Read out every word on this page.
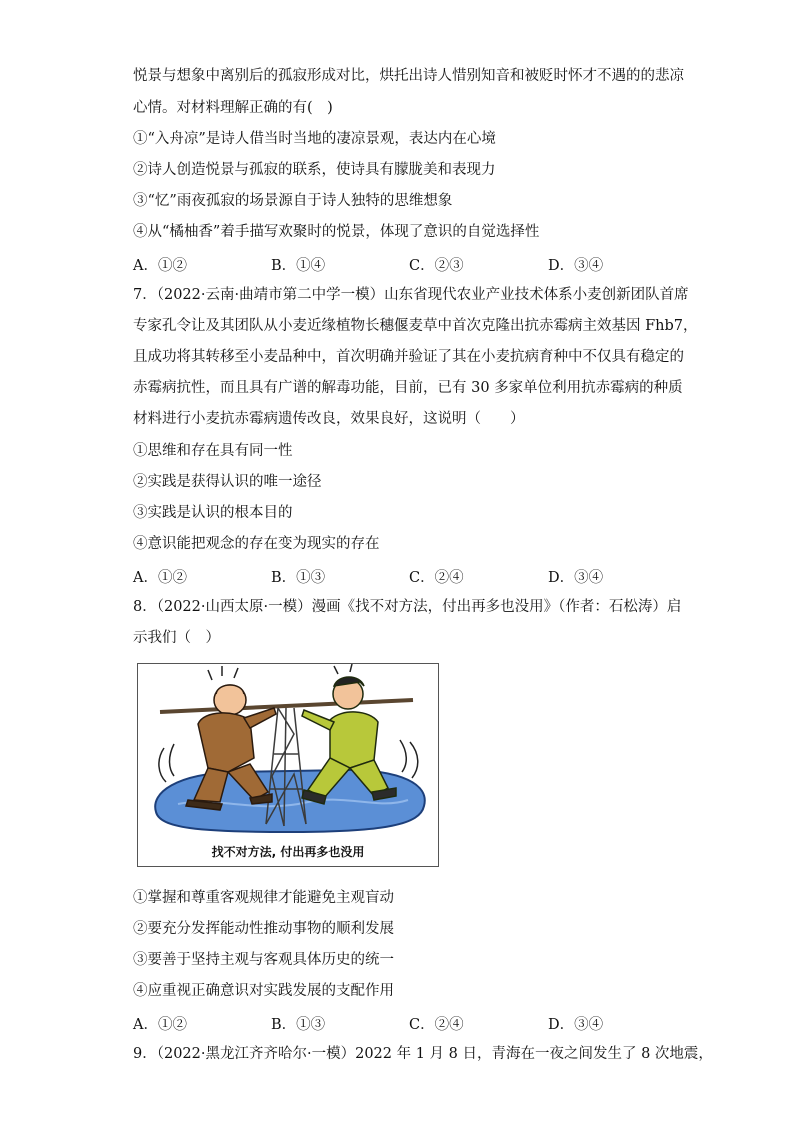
悦景与想象中离别后的孤寂形成对比，烘托出诗人惜别知音和被贬时怀才不遇的的悲凉
心情。对材料理解正确的有(　)
①“入舟凉”是诗人借当时当地的凄凉景观，表达内在心境
②诗人创造悦景与孤寂的联系，使诗具有朦胧美和表现力
③“忆”雨夜孤寂的场景源自于诗人独特的思维想象
④从“橘柚香”着手描写欢聚时的悦景，体现了意识的自觉选择性
A．①②	B．①④	C．②③	D．③④
7．（2022·云南·曲靖市第二中学一模）山东省现代农业产业技术体系小麦创新团队首席
专家孔令让及其团队从小麦近缘植物长穗偃麦草中首次克隆出抗赤霉病主效基因 Fhb7，
且成功将其转移至小麦品种中，首次明确并验证了其在小麦抗病育种中不仅具有稳定的
赤霉病抗性，而且具有广谱的解毒功能，目前，已有 30 多家单位利用抗赤霉病的种质
材料进行小麦抗赤霉病遗传改良，效果良好，这说明（　　）
①思维和存在具有同一性
②实践是获得认识的唯一途径
③实践是认识的根本目的
④意识能把观念的存在变为现实的存在
A．①②	B．①③	C．②④	D．③④
8．（2022·山西太原·一模）漫画《找不对方法，付出再多也没用》（作者：石松涛）启
示我们（　）
找不对方法, 付出再多也没用
①掌握和尊重客观规律才能避免主观盲动
②要充分发挥能动性推动事物的顺利发展
③要善于坚持主观与客观具体历史的统一
④应重视正确意识对实践发展的支配作用
A．①②	B．①③	C．②④	D．③④
9．（2022·黑龙江齐齐哈尔·一模）2022 年 1 月 8 日，青海在一夜之间发生了 8 次地震，
